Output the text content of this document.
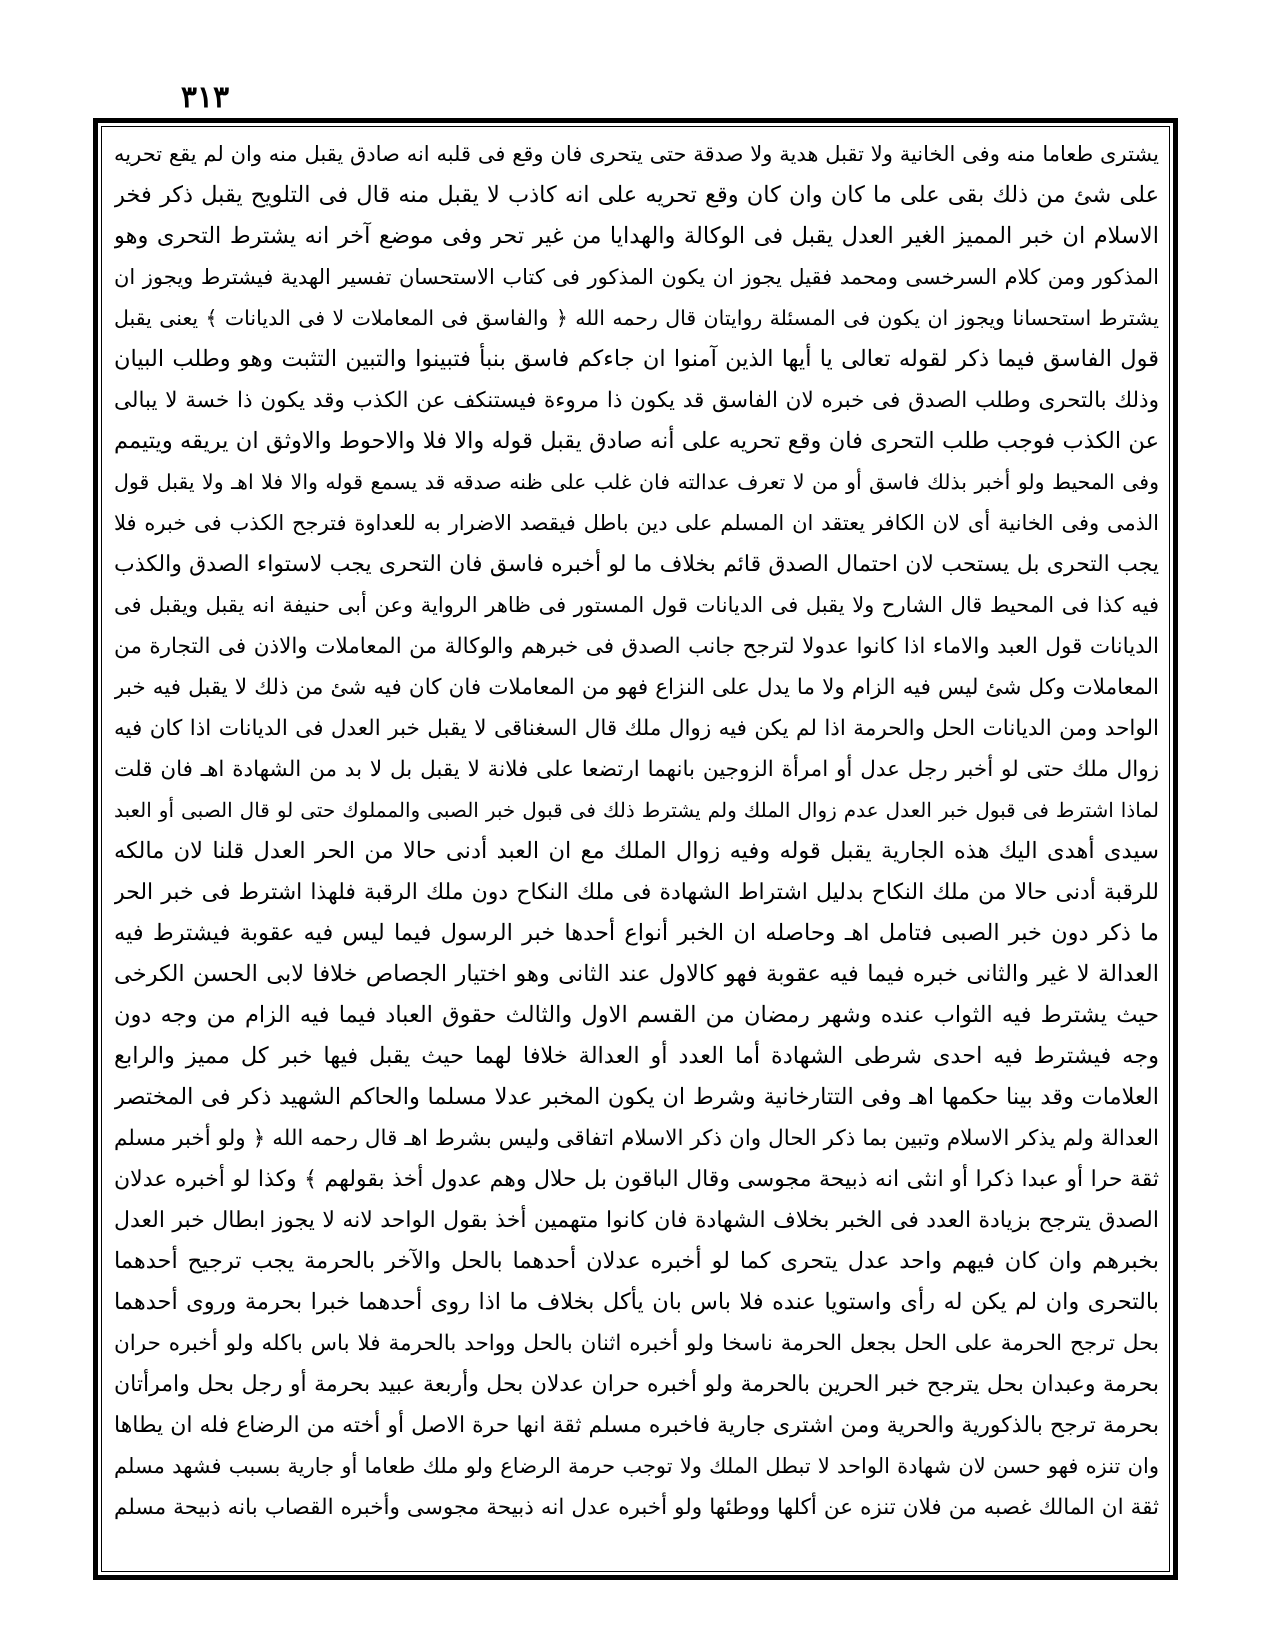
٣١٣
يشترى طعاما منه وفى الخانية ولا تقبل هدية ولا صدقة حتى يتحرى فان وقع فى قلبه انه صادق يقبل منه وان لم يقع تحريه
على شئ من ذلك بقى على ما كان وان كان وقع تحريه على انه كاذب لا يقبل منه قال فى التلويح يقبل ذكر فخر
الاسلام ان خبر المميز الغير العدل يقبل فى الوكالة والهدايا من غير تحر وفى موضع آخر انه يشترط التحرى وهو
المذكور ومن كلام السرخسى ومحمد فقيل يجوز ان يكون المذكور فى كتاب الاستحسان تفسير الهدية فيشترط ويجوز ان
يشترط استحسانا ويجوز ان يكون فى المسئلة روايتان قال رحمه الله ﴿ والفاسق فى المعاملات لا فى الديانات ﴾ يعنى يقبل
قول الفاسق فيما ذكر لقوله تعالى يا أيها الذين آمنوا ان جاءكم فاسق بنبأ فتبينوا والتبين التثبت وهو وطلب البيان
وذلك بالتحرى وطلب الصدق فى خبره لان الفاسق قد يكون ذا مروءة فيستنكف عن الكذب وقد يكون ذا خسة لا يبالى
عن الكذب فوجب طلب التحرى فان وقع تحريه على أنه صادق يقبل قوله والا فلا والاحوط والاوثق ان يريقه ويتيمم
وفى المحيط ولو أخبر بذلك فاسق أو من لا تعرف عدالته فان غلب على ظنه صدقه قد يسمع قوله والا فلا اهـ ولا يقبل قول
الذمى وفى الخانية أى لان الكافر يعتقد ان المسلم على دين باطل فيقصد الاضرار به للعداوة فترجح الكذب فى خبره فلا
يجب التحرى بل يستحب لان احتمال الصدق قائم بخلاف ما لو أخبره فاسق فان التحرى يجب لاستواء الصدق والكذب
فيه كذا فى المحيط قال الشارح ولا يقبل فى الديانات قول المستور فى ظاهر الرواية وعن أبى حنيفة انه يقبل ويقبل فى
الديانات قول العبد والاماء اذا كانوا عدولا لترجح جانب الصدق فى خبرهم والوكالة من المعاملات والاذن فى التجارة من
المعاملات وكل شئ ليس فيه الزام ولا ما يدل على النزاع فهو من المعاملات فان كان فيه شئ من ذلك لا يقبل فيه خبر
الواحد ومن الديانات الحل والحرمة اذا لم يكن فيه زوال ملك قال السغناقى لا يقبل خبر العدل فى الديانات اذا كان فيه
زوال ملك حتى لو أخبر رجل عدل أو امرأة الزوجين بانهما ارتضعا على فلانة لا يقبل بل لا بد من الشهادة اهـ فان قلت
لماذا اشترط فى قبول خبر العدل عدم زوال الملك ولم يشترط ذلك فى قبول خبر الصبى والمملوك حتى لو قال الصبى أو العبد
سيدى أهدى اليك هذه الجارية يقبل قوله وفيه زوال الملك مع ان العبد أدنى حالا من الحر العدل قلنا لان مالكه
للرقبة أدنى حالا من ملك النكاح بدليل اشتراط الشهادة فى ملك النكاح دون ملك الرقبة فلهذا اشترط فى خبر الحر
ما ذكر دون خبر الصبى فتامل اهـ وحاصله ان الخبر أنواع أحدها خبر الرسول فيما ليس فيه عقوبة فيشترط فيه
العدالة لا غير والثانى خبره فيما فيه عقوبة فهو كالاول عند الثانى وهو اختيار الجصاص خلافا لابى الحسن الكرخى
حيث يشترط فيه الثواب عنده وشهر رمضان من القسم الاول والثالث حقوق العباد فيما فيه الزام من وجه دون
وجه فيشترط فيه احدى شرطى الشهادة أما العدد أو العدالة خلافا لهما حيث يقبل فيها خبر كل مميز والرابع
العلامات وقد بينا حكمها اهـ وفى التتارخانية وشرط ان يكون المخبر عدلا مسلما والحاكم الشهيد ذكر فى المختصر
العدالة ولم يذكر الاسلام وتبين بما ذكر الحال وان ذكر الاسلام اتفاقى وليس بشرط اهـ قال رحمه الله ﴿ ولو أخبر مسلم
ثقة حرا أو عبدا ذكرا أو انثى انه ذبيحة مجوسى وقال الباقون بل حلال وهم عدول أخذ بقولهم ﴾ وكذا لو أخبره عدلان
الصدق يترجح بزيادة العدد فى الخبر بخلاف الشهادة فان كانوا متهمين أخذ بقول الواحد لانه لا يجوز ابطال خبر العدل
بخبرهم وان كان فيهم واحد عدل يتحرى كما لو أخبره عدلان أحدهما بالحل والآخر بالحرمة يجب ترجيح أحدهما
بالتحرى وان لم يكن له رأى واستويا عنده فلا باس بان يأكل بخلاف ما اذا روى أحدهما خبرا بحرمة وروى أحدهما
بحل ترجح الحرمة على الحل بجعل الحرمة ناسخا ولو أخبره اثنان بالحل وواحد بالحرمة فلا باس باكله ولو أخبره حران
بحرمة وعبدان بحل يترجح خبر الحرين بالحرمة ولو أخبره حران عدلان بحل وأربعة عبيد بحرمة أو رجل بحل وامرأتان
بحرمة ترجح بالذكورية والحرية ومن اشترى جارية فاخبره مسلم ثقة انها حرة الاصل أو أخته من الرضاع فله ان يطاها
وان تنزه فهو حسن لان شهادة الواحد لا تبطل الملك ولا توجب حرمة الرضاع ولو ملك طعاما أو جارية بسبب فشهد مسلم
ثقة ان المالك غصبه من فلان تنزه عن أكلها ووطئها ولو أخبره عدل انه ذبيحة مجوسى وأخبره القصاب بانه ذبيحة مسلم
